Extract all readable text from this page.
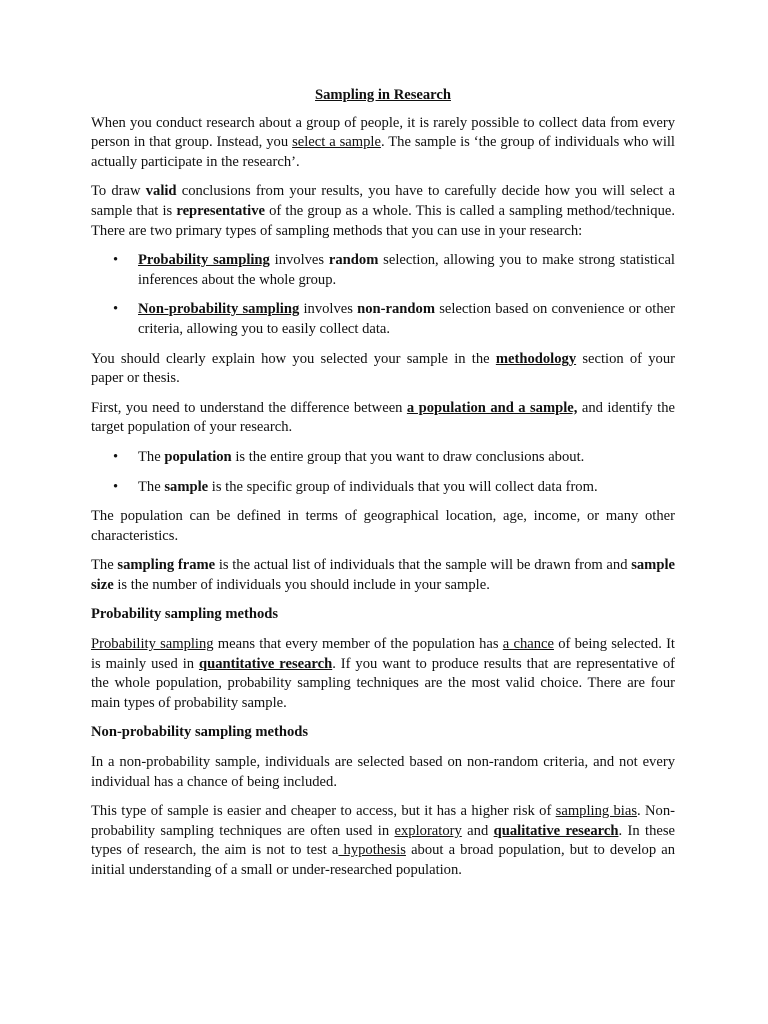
Sampling in Research

When you conduct research about a group of people, it is rarely possible to collect data from every person in that group. Instead, you select a sample. The sample is ‘the group of individuals who will actually participate in the research’.

To draw valid conclusions from your results, you have to carefully decide how you will select a sample that is representative of the group as a whole. This is called a sampling method/technique. There are two primary types of sampling methods that you can use in your research:

• Probability sampling involves random selection, allowing you to make strong statistical inferences about the whole group.
• Non-probability sampling involves non-random selection based on convenience or other criteria, allowing you to easily collect data.

You should clearly explain how you selected your sample in the methodology section of your paper or thesis.

First, you need to understand the difference between a population and a sample, and identify the target population of your research.

• The population is the entire group that you want to draw conclusions about.
• The sample is the specific group of individuals that you will collect data from.

The population can be defined in terms of geographical location, age, income, or many other characteristics.

The sampling frame is the actual list of individuals that the sample will be drawn from and sample size is the number of individuals you should include in your sample.

Probability sampling methods

Probability sampling means that every member of the population has a chance of being selected. It is mainly used in quantitative research. If you want to produce results that are representative of the whole population, probability sampling techniques are the most valid choice. There are four main types of probability sample.

Non-probability sampling methods

In a non-probability sample, individuals are selected based on non-random criteria, and not every individual has a chance of being included.

This type of sample is easier and cheaper to access, but it has a higher risk of sampling bias. Non-probability sampling techniques are often used in exploratory and qualitative research. In these types of research, the aim is not to test a hypothesis about a broad population, but to develop an initial understanding of a small or under-researched population.
